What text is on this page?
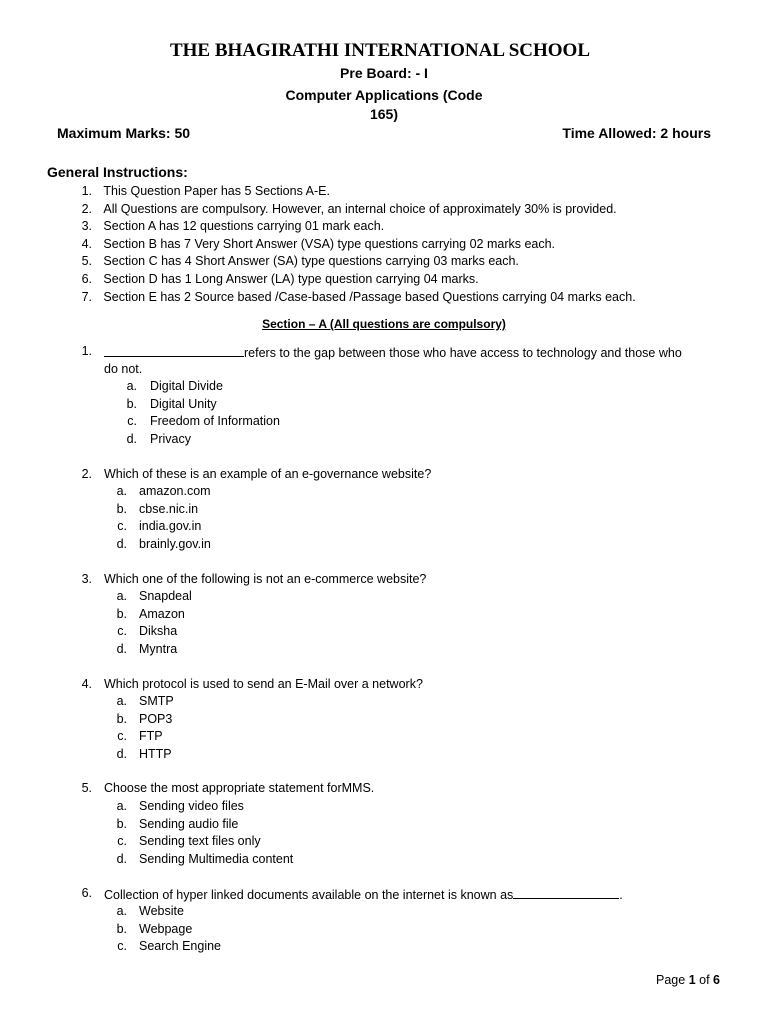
THE BHAGIRATHI INTERNATIONAL SCHOOL
Pre Board: - I
Computer Applications (Code
165)
Maximum Marks: 50	Time Allowed: 2 hours
General Instructions:
1. This Question Paper has 5 Sections A-E.
2. All Questions are compulsory. However, an internal choice of approximately 30% is provided.
3. Section A has 12 questions carrying 01 mark each.
4. Section B has 7 Very Short Answer (VSA) type questions carrying 02 marks each.
5. Section C has 4 Short Answer (SA) type questions carrying 03 marks each.
6. Section D has 1 Long Answer (LA) type question carrying 04 marks.
7. Section E has 2 Source based /Case-based /Passage based Questions carrying 04 marks each.
Section – A (All questions are compulsory)
1.	refers to the gap between those who have access to technology and those who
do not.
a. Digital Divide
b. Digital Unity
c. Freedom of Information
d. Privacy
2. Which of these is an example of an e-governance website?
a. amazon.com
b. cbse.nic.in
c. india.gov.in
d. brainly.gov.in
3. Which one of the following is not an e-commerce website?
a. Snapdeal
b. Amazon
c. Diksha
d. Myntra
4. Which protocol is used to send an E-Mail over a network?
a. SMTP
b. POP3
c. FTP
d. HTTP
5. Choose the most appropriate statement forMMS.
a. Sending video files
b. Sending audio file
c. Sending text files only
d. Sending Multimedia content
6. Collection of hyper linked documents available on the internet is known as	.
a. Website
b. Webpage
c. Search Engine
Page 1 of 6
